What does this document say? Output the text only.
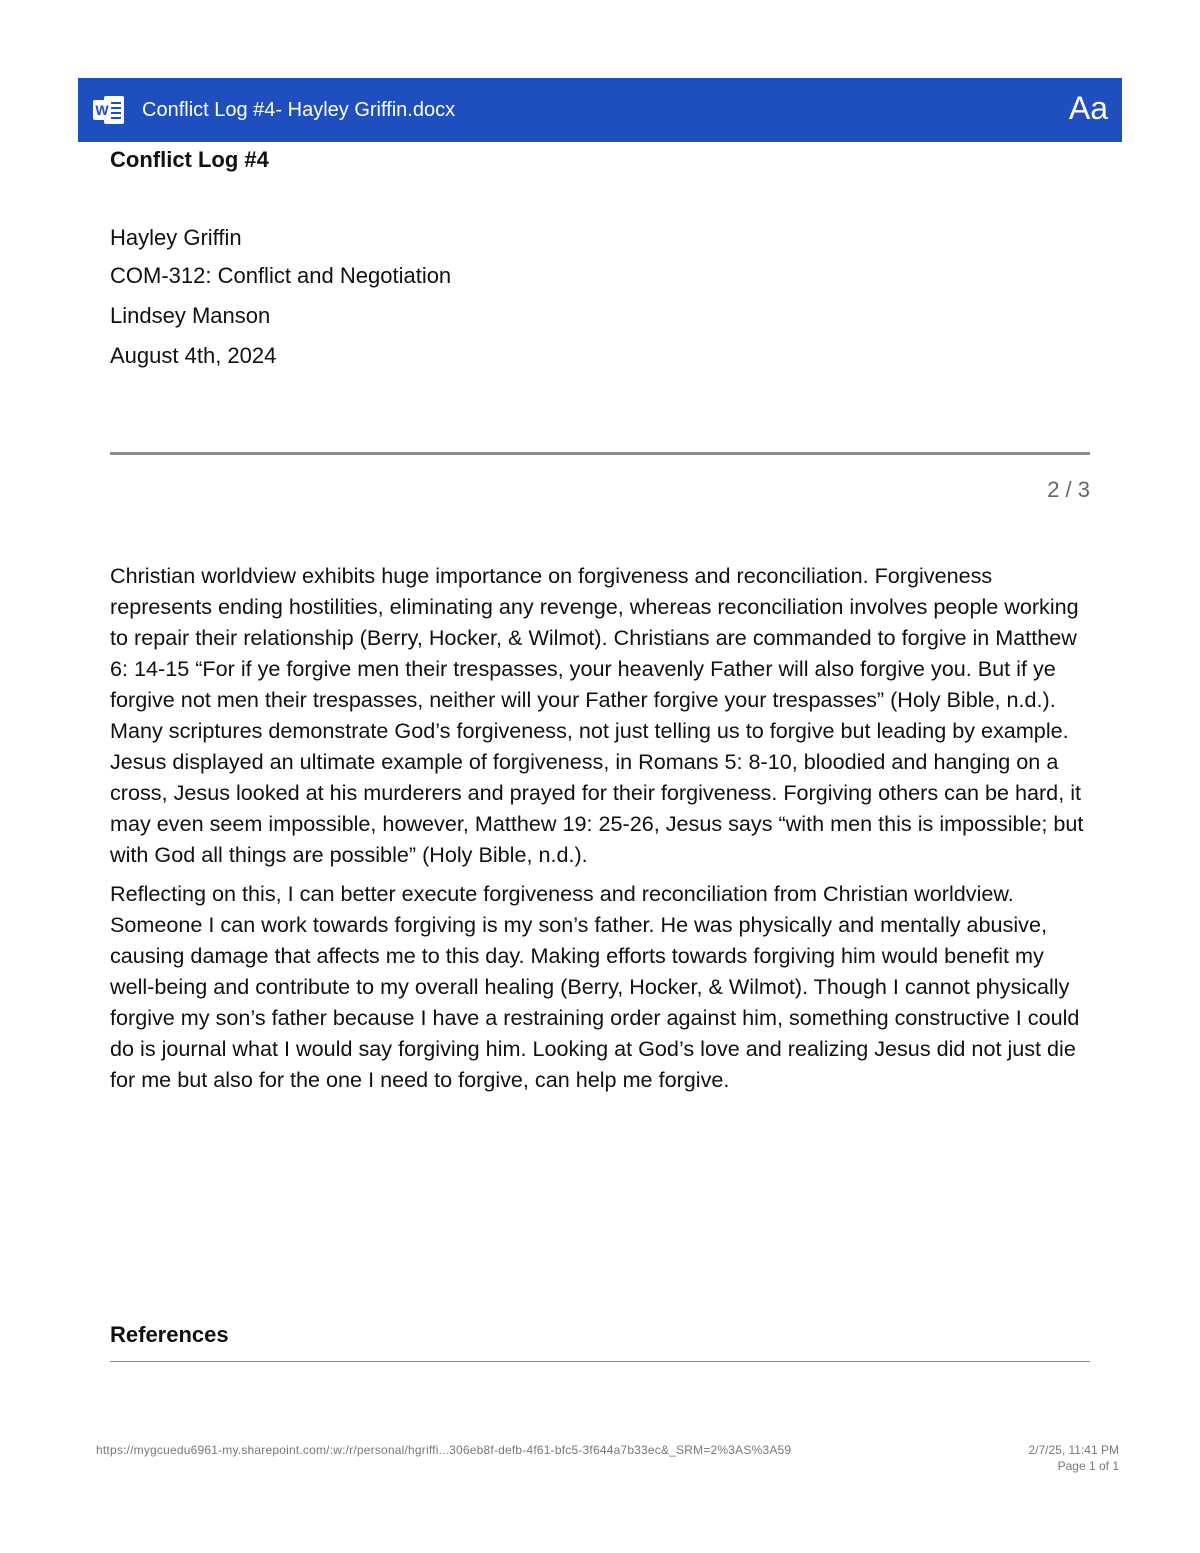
W Conflict Log #4- Hayley Griffin.docx	Aa
Conflict Log #4
Hayley Griffin
COM-312: Conflict and Negotiation
Lindsey Manson
August 4th, 2024
2 / 3

Christian worldview exhibits huge importance on forgiveness and reconciliation. Forgiveness represents ending hostilities, eliminating any revenge, whereas reconciliation involves people working to repair their relationship (Berry, Hocker, & Wilmot). Christians are commanded to forgive in Matthew 6: 14-15 “For if ye forgive men their trespasses, your heavenly Father will also forgive you. But if ye forgive not men their trespasses, neither will your Father forgive your trespasses” (Holy Bible, n.d.). Many scriptures demonstrate God’s forgiveness, not just telling us to forgive but leading by example. Jesus displayed an ultimate example of forgiveness, in Romans 5: 8-10, bloodied and hanging on a cross, Jesus looked at his murderers and prayed for their forgiveness. Forgiving others can be hard, it may even seem impossible, however, Matthew 19: 25-26, Jesus says “with men this is impossible; but with God all things are possible” (Holy Bible, n.d.).

Reflecting on this, I can better execute forgiveness and reconciliation from Christian worldview. Someone I can work towards forgiving is my son’s father. He was physically and mentally abusive, causing damage that affects me to this day. Making efforts towards forgiving him would benefit my well-being and contribute to my overall healing (Berry, Hocker, & Wilmot). Though I cannot physically forgive my son’s father because I have a restraining order against him, something constructive I could do is journal what I would say forgiving him. Looking at God’s love and realizing Jesus did not just die for me but also for the one I need to forgive, can help me forgive.

References
https://mygcuedu6961-my.sharepoint.com/:w:/r/personal/hgriffi...306eb8f-defb-4f61-bfc5-3f644a7b33ec&_SRM=2%3AS%3A59	2/7/25, 11:41 PM
Page 1 of 1
